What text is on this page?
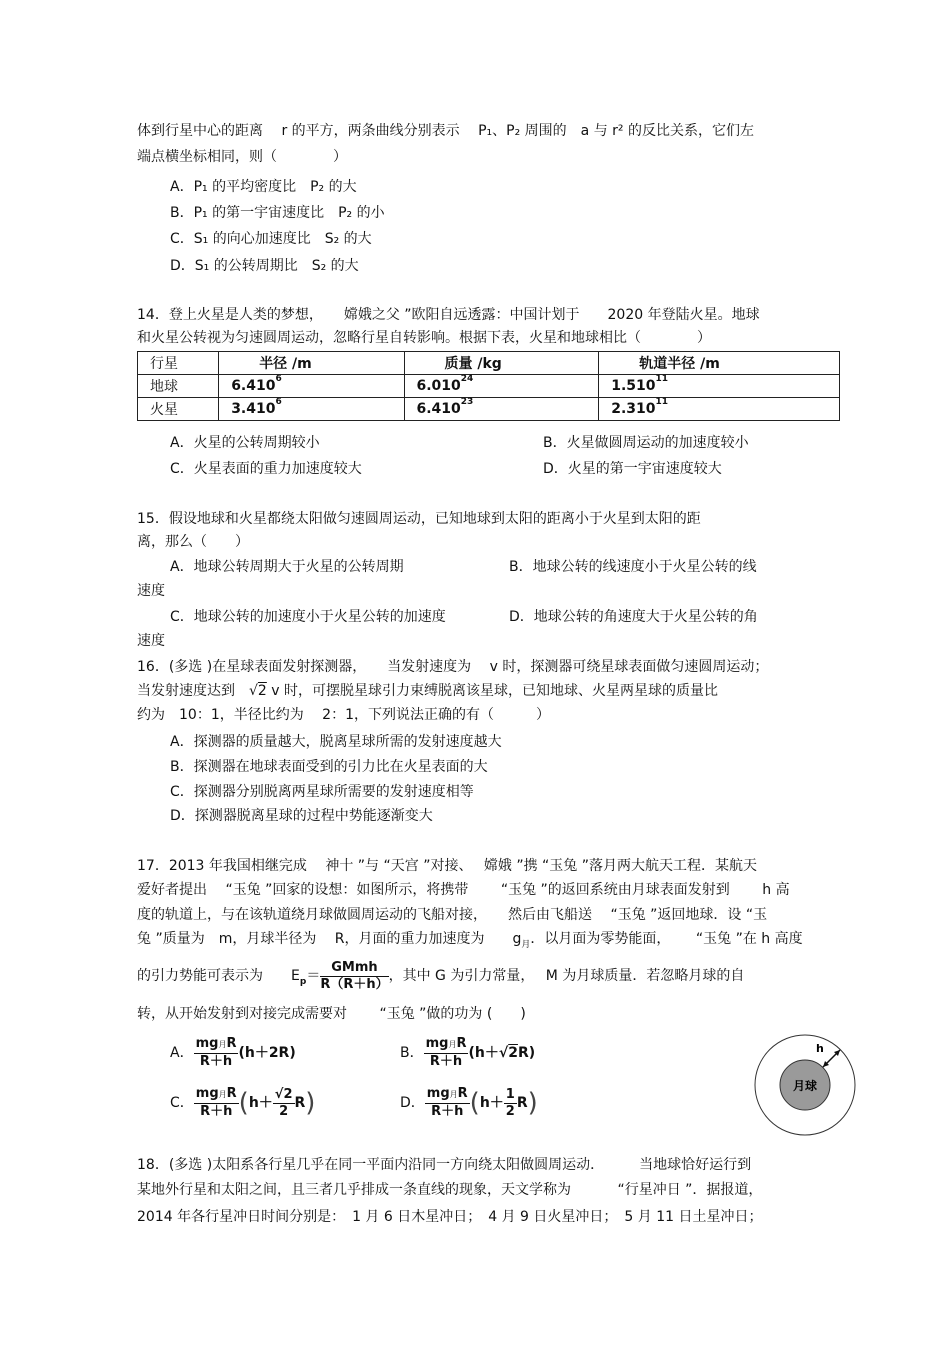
体到行星中心的距离　 r 的平方，两条曲线分别表示　 P₁、P₂ 周围的　a 与 r² 的反比关系，它们左
端点横坐标相同，则（　　　　）
A．P₁ 的平均密度比　P₂ 的大
B．P₁ 的第一宇宙速度比　P₂ 的小
C．S₁ 的向心加速度比　S₂ 的大
D．S₁ 的公转周期比　S₂ 的大
14．登上火星是人类的梦想，　　嫦娥之父 ”欧阳自远透露：中国计划于　　2020 年登陆火星。地球
和火星公转视为匀速圆周运动，忽略行星自转影响。根据下表，火星和地球相比（　　　　）
行星	半径 /m	质量 /kg	轨道半径 /m
地球	6.410$^6$	6.010$^{24}$	1.510$^{11}$
火星	3.410$^6$	6.410$^{23}$	2.310$^{11}$
A．火星的公转周期较小	B．火星做圆周运动的加速度较小
C．火星表面的重力加速度较大	D．火星的第一宇宙速度较大
15．假设地球和火星都绕太阳做匀速圆周运动，已知地球到太阳的距离小于火星到太阳的距
离，那么（　　）
A．地球公转周期大于火星的公转周期	B．地球公转的线速度小于火星公转的线
速度
C．地球公转的加速度小于火星公转的加速度	D．地球公转的角速度大于火星公转的角
速度
16．(多选 )在星球表面发射探测器，　　当发射速度为　 v 时，探测器可绕星球表面做匀速圆周运动；
当发射速度达到　√2 v 时，可摆脱星球引力束缚脱离该星球，已知地球、火星两星球的质量比
约为　10：1，半径比约为　 2：1，下列说法正确的有（　　　）
A．探测器的质量越大，脱离星球所需的发射速度越大
B．探测器在地球表面受到的引力比在火星表面的大
C．探测器分别脱离两星球所需要的发射速度相等
D．探测器脱离星球的过程中势能逐渐变大
17．2013 年我国相继完成　 神十 ”与 “天宫 ”对接、　 嫦娥 ”携 “玉兔 ”落月两大航天工程．某航天
爱好者提出　 “玉兔 ”回家的设想：如图所示，将携带　　 “玉兔 ”的返回系统由月球表面发射到　　 h 高
度的轨道上，与在该轨道绕月球做圆周运动的飞船对接，　　然后由飞船送　 “玉兔 ”返回地球．设 “玉
兔 ”质量为　m，月球半径为　 R，月面的重力加速度为　　$g_月$．以月面为零势能面，　　 “玉兔 ”在 h 高度
的引力势能可表示为　　$E_p= \frac{\text{GMmh}}{R(R+h)}$ ，其中 G 为引力常量，　 M 为月球质量．若忽略月球的自
转，从开始发射到对接完成需要对　　 “玉兔 ”做的功为 (　　)
A． $\frac{\text{mg月R}}{R+h} (h+2R)$	B． $\frac{\text{mg月R}}{R+h} (h+√2R)$
C． $\frac{\text{mg月R}}{R+h} (h+ \frac{√2}{2} R)$	D． $\frac{\text{mg月R}}{R+h} (h+ \frac{1}{2} R)$
h
月球
18．(多选 )太阳系各行星几乎在同一平面内沿同一方向绕太阳做圆周运动．　　　当地球恰好运行到
某地外行星和太阳之间，且三者几乎排成一条直线的现象，天文学称为　　　 “行星冲日 ”．据报道，
2014 年各行星冲日时间分别是：　1 月 6 日木星冲日；　4 月 9 日火星冲日；　5 月 11 日土星冲日；
